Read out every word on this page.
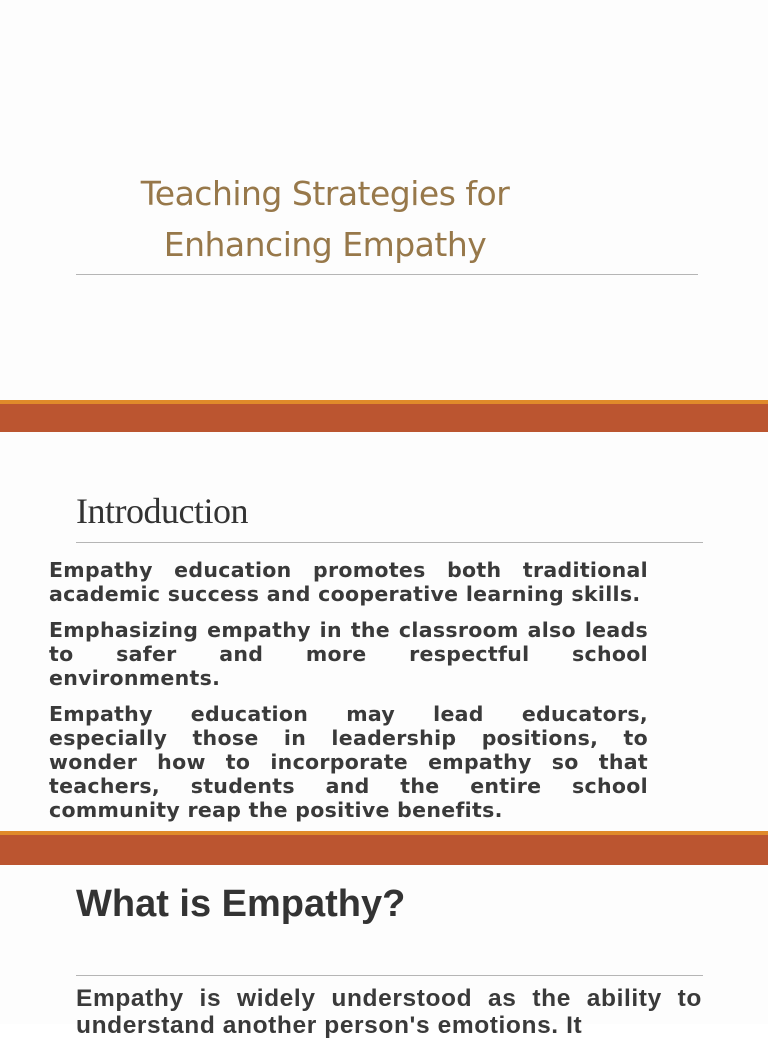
Teaching Strategies for
Enhancing Empathy
Introduction

Empathy education promotes both traditional academic success and cooperative learning skills.

Emphasizing empathy in the classroom also leads to safer and more respectful school environments.

Empathy education may lead educators, especially those in leadership positions, to wonder how to incorporate empathy so that teachers, students and the entire school community reap the positive benefits.

What is Empathy?

Empathy is widely understood as the ability to understand another person's emotions. It
